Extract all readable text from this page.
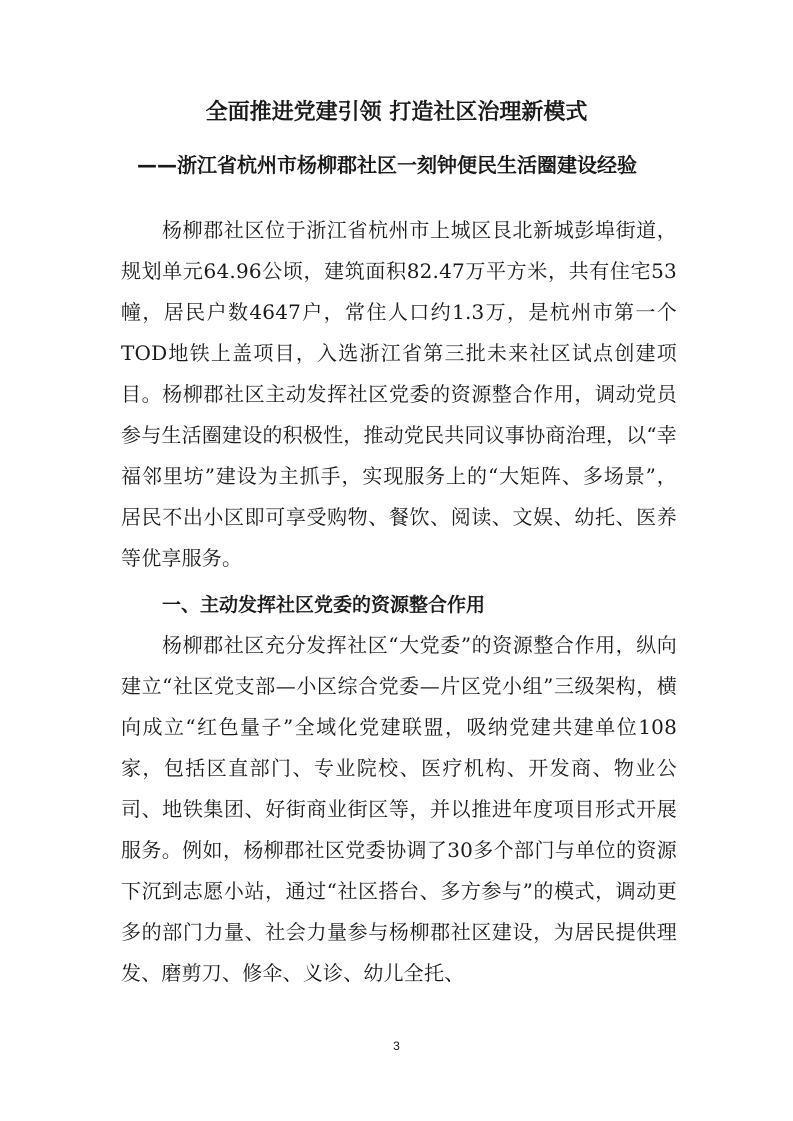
全面推进党建引领 打造社区治理新模式
——浙江省杭州市杨柳郡社区一刻钟便民生活圈建设经验

杨柳郡社区位于浙江省杭州市上城区艮北新城彭埠街道，规划单元64.96公顷，建筑面积82.47万平方米，共有住宅53幢，居民户数4647户，常住人口约1.3万，是杭州市第一个TOD地铁上盖项目，入选浙江省第三批未来社区试点创建项目。杨柳郡社区主动发挥社区党委的资源整合作用，调动党员参与生活圈建设的积极性，推动党民共同议事协商治理，以“幸福邻里坊”建设为主抓手，实现服务上的“大矩阵、多场景”，居民不出小区即可享受购物、餐饮、阅读、文娱、幼托、医养等优享服务。

一、主动发挥社区党委的资源整合作用

杨柳郡社区充分发挥社区“大党委”的资源整合作用，纵向建立“社区党支部—小区综合党委—片区党小组”三级架构，横向成立“红色量子”全域化党建联盟，吸纳党建共建单位108家，包括区直部门、专业院校、医疗机构、开发商、物业公司、地铁集团、好街商业街区等，并以推进年度项目形式开展服务。例如，杨柳郡社区党委协调了30多个部门与单位的资源下沉到志愿小站，通过“社区搭台、多方参与”的模式，调动更多的部门力量、社会力量参与杨柳郡社区建设，为居民提供理发、磨剪刀、修伞、义诊、幼儿全托、

3
